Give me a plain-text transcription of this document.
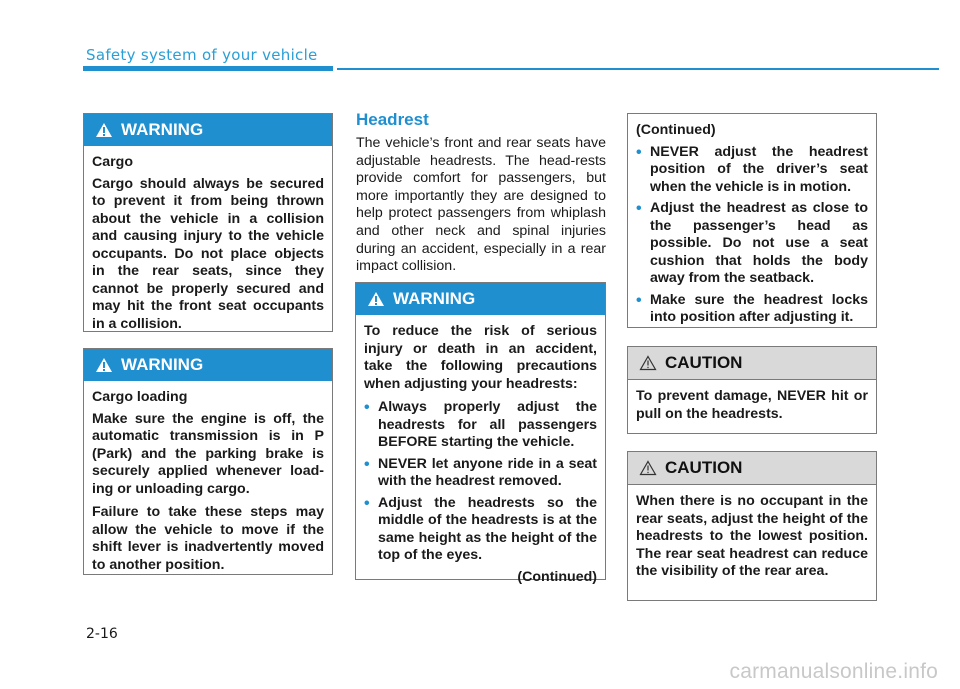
Safety system of your vehicle
WARNING

Cargo

Cargo should always be secured to prevent it from being thrown about the vehicle in a collision and causing injury to the vehicle occupants. Do not place objects in the rear seats, since they cannot be properly secured and may hit the front seat occupants in a collision.

WARNING

Cargo loading

Make sure the engine is off, the automatic transmission is in P (Park) and the parking brake is securely applied whenever load-ing or unloading cargo.

Failure to take these steps may allow the vehicle to move if the shift lever is inadvertently moved to another position.

Headrest
The vehicle’s front and rear seats have adjustable headrests. The head-rests provide comfort for passengers, but more importantly they are designed to help protect passengers from whiplash and other neck and spinal injuries during an accident, especially in a rear impact collision.
WARNING

To reduce the risk of serious injury or death in an accident, take the following precautions when adjusting your headrests:

• Always properly adjust the headrests for all passengers BEFORE starting the vehicle.
• NEVER let anyone ride in a seat with the headrest removed.
• Adjust the headrests so the middle of the headrests is at the same height as the height of the top of the eyes.
(Continued)

(Continued)

• NEVER adjust the headrest position of the driver’s seat when the vehicle is in motion.
• Adjust the headrest as close to the passenger’s head as possible. Do not use a seat cushion that holds the body away from the seatback.
• Make sure the headrest locks into position after adjusting it.
CAUTION

To prevent damage, NEVER hit or pull on the headrests.

CAUTION

When there is no occupant in the rear seats, adjust the height of the headrests to the lowest position. The rear seat headrest can reduce the visibility of the rear area.

2-16
carmanualsonline.info
